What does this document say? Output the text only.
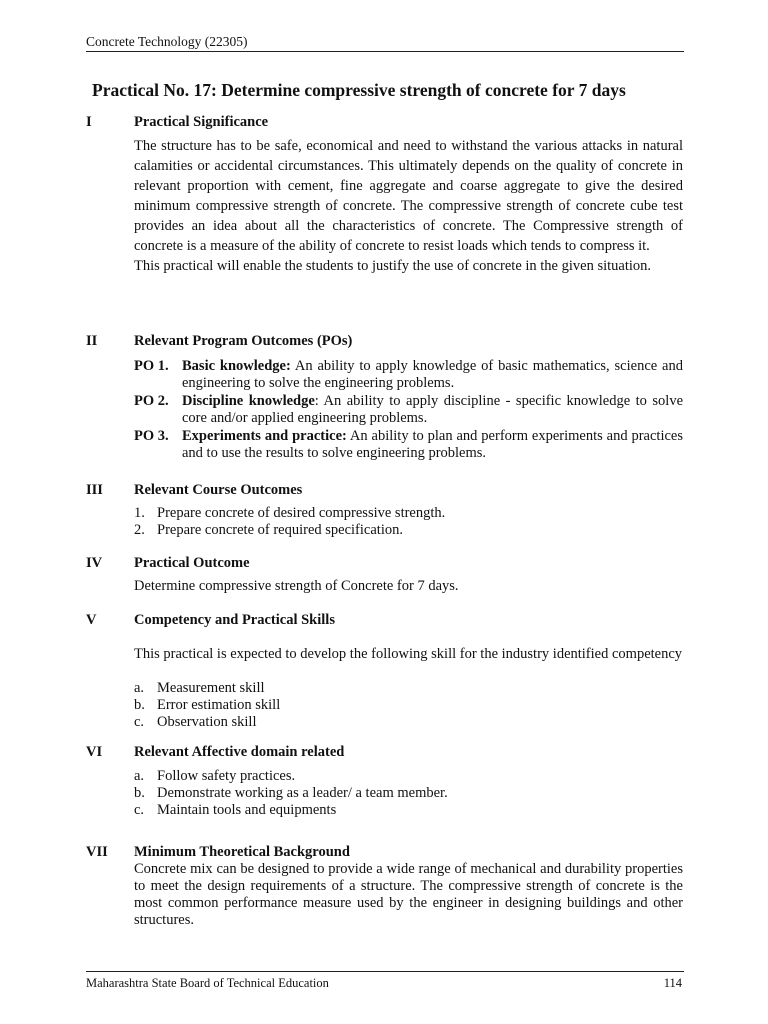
Concrete Technology (22305)
Practical No. 17: Determine compressive strength of concrete for 7 days
I	Practical Significance

The structure has to be safe, economical and need to withstand the various attacks in natural calamities or accidental circumstances. This ultimately depends on the quality of concrete in relevant proportion with cement, fine aggregate and coarse aggregate to give the desired minimum compressive strength of concrete. The compressive strength of concrete cube test provides an idea about all the characteristics of concrete. The Compressive strength of concrete is a measure of the ability of concrete to resist loads which tends to compress it.

This practical will enable the students to justify the use of concrete in the given situation.

II	Relevant Program Outcomes (POs)
PO 1. Basic knowledge: An ability to apply knowledge of basic mathematics, science and engineering to solve the engineering problems.
PO 2. Discipline knowledge: An ability to apply discipline - specific knowledge to solve core and/or applied engineering problems.
PO 3. Experiments and practice: An ability to plan and perform experiments and practices and to use the results to solve engineering problems.
III Relevant Course Outcomes
1. Prepare concrete of desired compressive strength.
2. Prepare concrete of required specification.
IV Practical Outcome
Determine compressive strength of Concrete for 7 days.
V	Competency and Practical Skills
This practical is expected to develop the following skill for the industry identified competency
a. Measurement skill
b. Error estimation skill
c. Observation skill
VI Relevant Affective domain related
a. Follow safety practices.
b. Demonstrate working as a leader/ a team member.
c. Maintain tools and equipments
VII Minimum Theoretical Background
Concrete mix can be designed to provide a wide range of mechanical and durability properties to meet the design requirements of a structure. The compressive strength of concrete is the most common performance measure used by the engineer in designing buildings and other structures.
Maharashtra State Board of Technical Education	114
